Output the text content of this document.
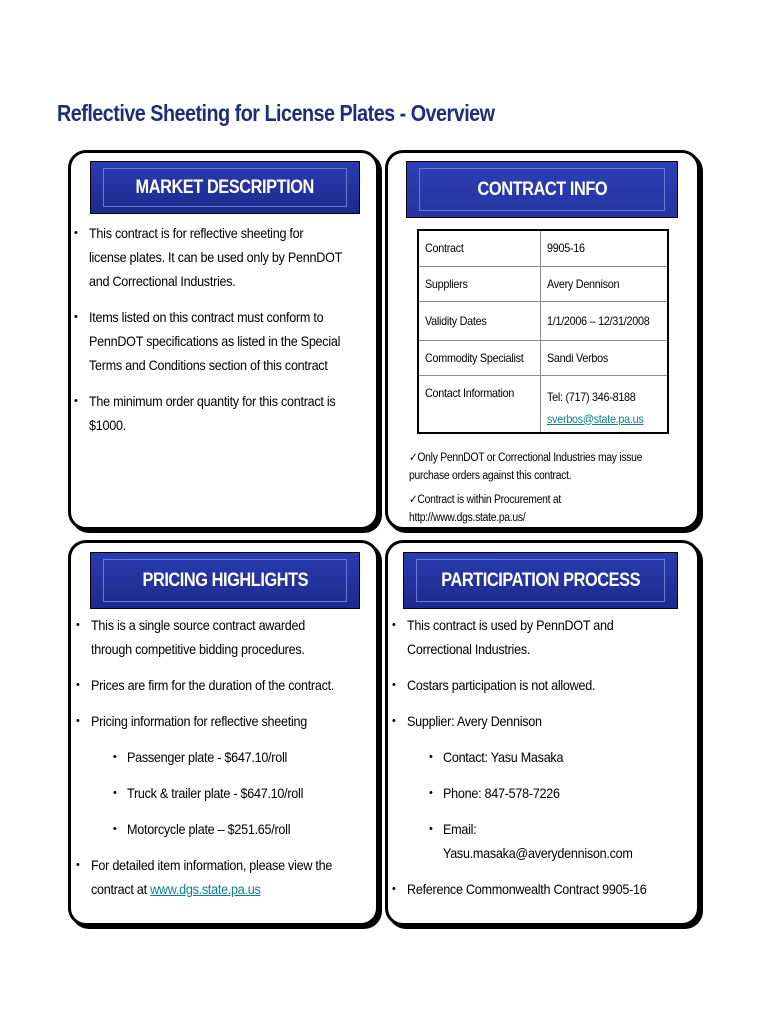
Reflective Sheeting for License Plates - Overview
MARKET DESCRIPTION
• This contract is for reflective sheeting for license plates. It can be used only by PennDOT and Correctional Industries.
• Items listed on this contract must conform to PennDOT specifications as listed in the Special Terms and Conditions section of this contract
• The minimum order quantity for this contract is $1000.
CONTRACT INFO
Contract	9905-16
Suppliers	Avery Dennison
Validity Dates	1/1/2006 – 12/31/2008
Commodity Specialist	Sandi Verbos
Contact Information	Tel: (717) 346-8188
sverbos@state.pa.us

✓Only PennDOT or Correctional Industries may issue purchase orders against this contract.

✓Contract is within Procurement at http://www.dgs.state.pa.us/

PRICING HIGHLIGHTS
• This is a single source contract awarded through competitive bidding procedures.
• Prices are firm for the duration of the contract.
• Pricing information for reflective sheeting
• Passenger plate - $647.10/roll
• Truck & trailer plate - $647.10/roll
• Motorcycle plate – $251.65/roll
• For detailed item information, please view the contract at www.dgs.state.pa.us
PARTICIPATION PROCESS
• This contract is used by PennDOT and Correctional Industries.
• Costars participation is not allowed.
• Supplier: Avery Dennison
• Contact: Yasu Masaka
• Phone: 847-578-7226
• Email: Yasu.masaka@averydennison.com
• Reference Commonwealth Contract 9905-16
